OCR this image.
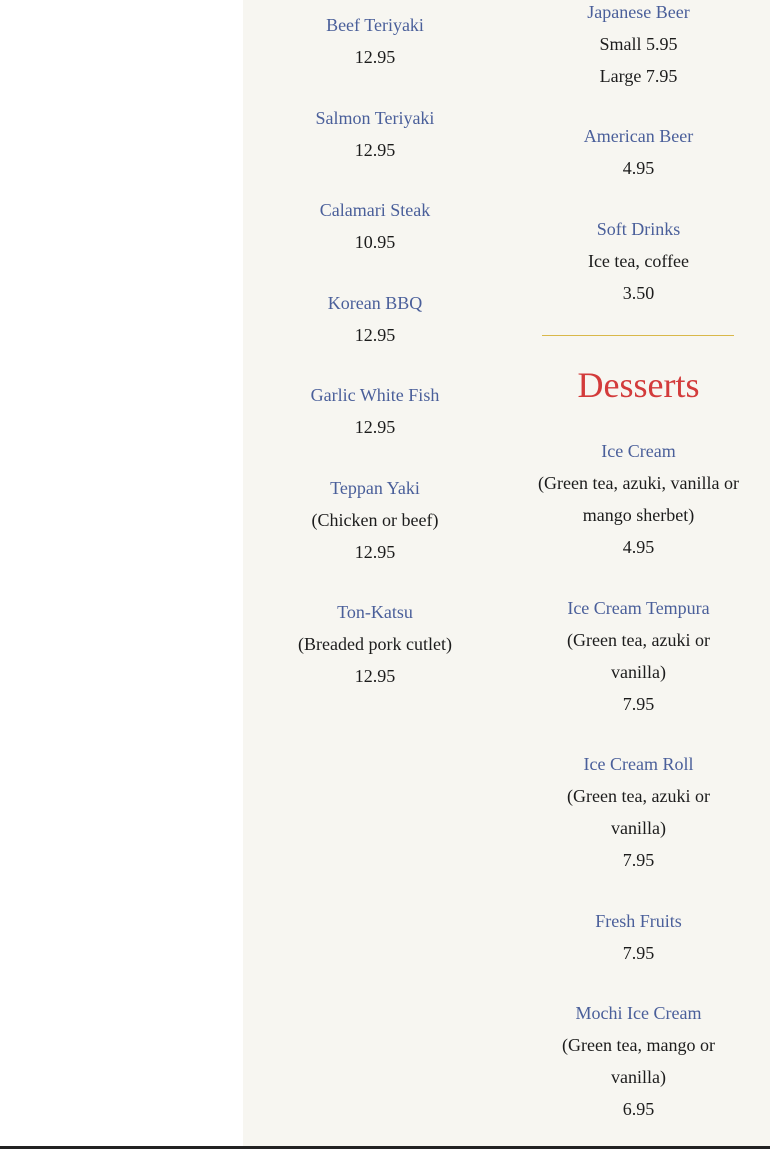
Beef Teriyaki
12.95
Salmon Teriyaki
12.95
Calamari Steak
10.95
Korean BBQ
12.95
Garlic White Fish
12.95
Teppan Yaki
(Chicken or beef)
12.95
Ton-Katsu
(Breaded pork cutlet)
12.95
Japanese Beer
Small 5.95
Large 7.95
American Beer
4.95
Soft Drinks
Ice tea, coffee
3.50
Ice Cream
(Green tea, azuki, vanilla or mango sherbet)
4.95
Ice Cream Tempura
(Green tea, azuki or vanilla)
7.95
Ice Cream Roll
(Green tea, azuki or vanilla)
7.95
Fresh Fruits
7.95
Mochi Ice Cream
(Green tea, mango or vanilla)
6.95
Desserts
